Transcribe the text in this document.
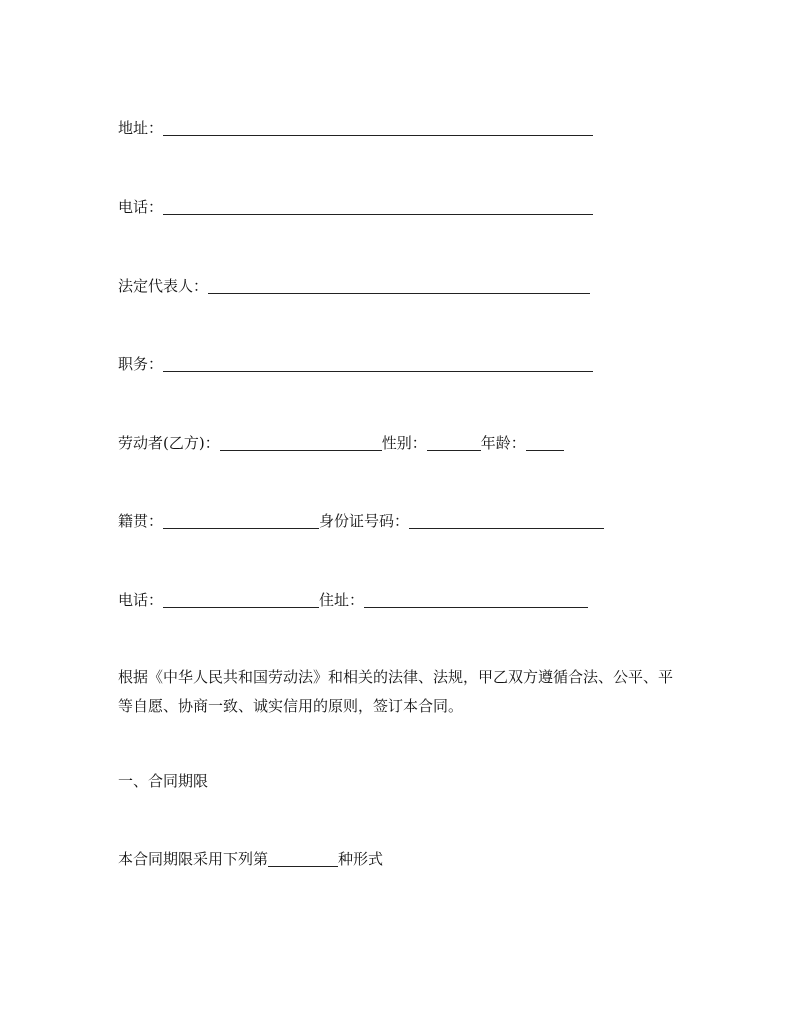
地址：
电话：
法定代表人：
职务：
劳动者(乙方)：	性别：	年龄：
籍贯：	身份证号码：
电话：	住址：
根据《中华人民共和国劳动法》和相关的法律、法规，甲乙双方遵循合法、公平、平等自愿、协商一致、诚实信用的原则，签订本合同。
一、合同期限
本合同期限采用下列第	种形式
